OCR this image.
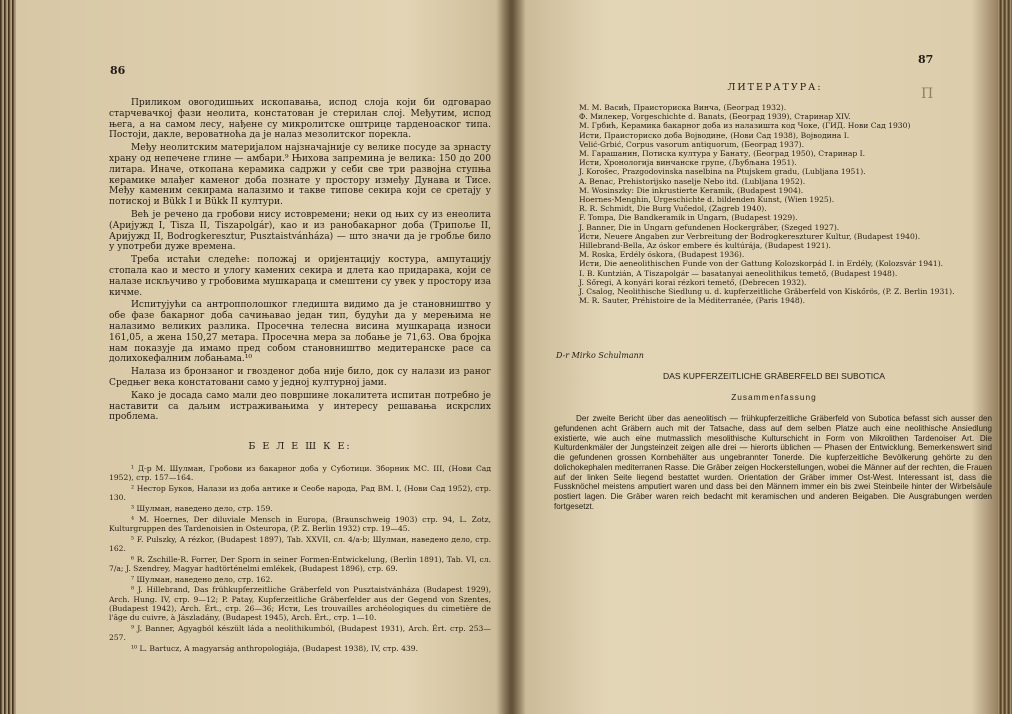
86

Приликом овогодишњих ископавања, испод слоја који би одговарао старчевачкој фази неолита, констатован је стерилан слој. Међутим, испод њега, а на самом лесу, нађене су микролитске оштрице тарденоаског типа. Постоји, дакле, вероватноћа да је налаз мезолитског порекла.

Међу неолитским материјалом најзначајније су велике посуде за зрнасту храну од непечене глине — амбари.⁹ Њихова запремина је велика: 150 до 200 литара. Иначе, откопана керамика садржи у себи све три развојна ступња керамике млађег каменог доба познате у простору између Дунава и Тисе. Међу каменим секирама налазимо и такве типове секира који се сретају у потиској и Bükk I и Bükk II култури.

Већ је речено да гробови нису истовремени; неки од њих су из енеолита (Аријужд I, Tisza II, Tiszapolgár), као и из ранобакарног доба (Трипоље II, Аријужд II, Bodrogkeresztur, Pusztaistvánháza) — што значи да је гробље било у употреби дуже времена.

Треба истаћи следеће: положај и оријентацију костура, ампутацију стопала као и место и улогу камених секира и длета као придарака, који се налазе искључиво у гробовима мушкараца и смештени су увек у простору изa кичме.

Испитујући са антропполошког гледишта видимо да је становништво у обе фазе бакарног доба сачињавао један тип, будући да у мерењима не налазимо великих разлика. Просечна телесна висина мушкараца износи 161,05, а жена 150,27 метара. Просечна мера за лобање је 71,63. Ова бројка нам показује да имамо пред собом становништво медитеранске расе са долихокефалним лобањама.¹⁰

Налаза из бронзаног и гвозденог доба није било, док су налази из раног Средњег века констатовани само у једној културној јами.

Како је досада само мали део површине локалитета испитан потребно је наставити са даљим истраживањима у интересу решавања искрслих проблема.

Б Е Л Е Ш К Е:

¹ Д-р М. Шулман, Гробови из бакарног доба у Суботици. Зборник МС. III, (Нови Сад 1952), стр. 157—164.

² Нестор Буков, Налази из доба антике и Сеобе народа, Рад ВМ. I, (Нови Сад 1952), стр. 130.

³ Шулман, наведено дело, стр. 159.

⁴ M. Hoernes, Der diluviale Mensch in Europa, (Braunschweig 1903) стр. 94, L. Zotz, Kulturgruppen des Tardenoisien in Osteuropa, (P. Z. Berlin 1932) стр. 19—45.

⁵ F. Pulszky, A rézkor, (Budapest 1897), Tab. XXVII, сл. 4/a-b; Шулман, наведено дело, стр. 162.

⁶ R. Zschille-R. Forrer, Der Sporn in seiner Formen-Entwickelung, (Berlin 1891), Tab. VI, сл. 7/a; J. Szendrey, Magyar hadtörténelmi emlékek, (Budapest 1896), стр. 69.

⁷ Шулман, наведено дело, стр. 162.

⁸ J. Hillebrand, Das frühkupferzeitliche Gräberfeld von Pusztaistvánháza (Budapest 1929), Arch. Hung. IV, стр. 9—12; P. Patay, Kupferzeitliche Gräberfelder aus der Gegend von Szentes, (Budapest 1942), Arch. Ért., стр. 26—36; Исти, Les trouvailles archéologiques du cimetière de l'âge du cuivre, à Jászladány, (Budapest 1945), Arch. Ért., стр. 1—10.

⁹ J. Banner, Agyagból készült láda a neolithikumból, (Budapest 1931), Arch. Ért. стр. 253—257.

¹⁰ L. Bartucz, A magyarság anthropologiája, (Budapest 1938), IV, стр. 439.

87
П
ЛИТЕРАТУРА:

М. М. Васић, Праисториска Винча, (Београд 1932).

Ф. Милекер, Vorgeschichte d. Banats, (Београд 1939), Старинар XIV.

М. Грбић, Керамика бакарног доба из налазишта код Чоке, (ГИД. Нови Сад 1930)

Исти, Праисториско доба Војводине, (Нови Сад 1938), Војводина I.

Velić-Grbić, Corpus vasorum antiquorum, (Београд 1937).

М. Гарашанин, Потиска култура у Банату, (Београд 1950), Старинар I.

Исти, Хронологија винчанске групе, (Љубљана 1951).

J. Korošec, Prazgodovinska naselbina na Ptujskem gradu, (Lubljana 1951).

A. Benac, Prehistorijsko naselje Nebo itd. (Lubljana 1952).

M. Wosinszky: Die inkrustierte Keramik, (Budapest 1904).

Hoernes-Menghin, Urgeschichte d. bildenden Kunst, (Wien 1925).

R. R. Schmidt, Die Burg Vučedol, (Zagreb 1940).

F. Tompa, Die Bandkeramik in Ungarn, (Budapest 1929).

J. Banner, Die in Ungarn gefundenen Hockergräber, (Szeged 1927).

Исти, Neuere Angaben zur Verbreitung der Bodrogkereszturer Kultur, (Budapest 1940).

Hillebrand-Bella, Az óskor embere és kultúrája, (Budapest 1921).

M. Roska, Erdély óskora, (Budapest 1936).

Исти, Die aeneolithischen Funde von der Gattung Kolozskorpád I. in Erdély, (Kolozsvár 1941).

I. B. Kuntzián, A Tiszapolgár — basatanyai aeneolithikus temető, (Budapest 1948).

J. Sőregi, A konyári korai rézkori temető, (Debrecen 1932).

J. Csalog, Neolithische Siedlung u. d. kupferzeitliche Gräberfeld von Kiskőrös, (P. Z. Berlin 1931).

M. R. Sauter, Préhistoire de la Méditerranée, (Paris 1948).

D-r Mirko Schulmann
DAS KUPFERZEITLICHE GRÄBERFELD BEI SUBOTICA
Zusammenfassung

Der zweite Bericht über das aeneolitisch — frühkupferzeitliche Gräberfeld von Subotica befasst sich ausser den gefundenen acht Gräbern auch mit der Tatsache, dass auf dem selben Platze auch eine neolithische Ansiedlung existierte, wie auch eine mutmasslich mesolithische Kulturschicht in Form von Mikrolithen Tardenoiser Art. Die Kulturdenkmäler der Jungsteinzeit zeigen alle drei — hierorts üblichen — Phasen der Entwicklung. Bemerkenswert sind die gefundenen grossen Kornbehälter aus ungebrannter Tonerde. Die kupferzeitliche Bevölkerung gehörte zu den dolichokephalen mediterranen Rasse. Die Gräber zeigen Hockerstellungen, wobei die Männer auf der rechten, die Frauen auf der linken Seite liegend bestattet wurden. Orientation der Gräber immer Ost-West. Interessant ist, dass die Fussknöchel meistens amputiert waren und dass bei den Männern immer ein bis zwei Steinbeile hinter der Wirbelsäule postiert lagen. Die Gräber waren reich bedacht mit keramischen und anderen Beigaben. Die Ausgrabungen werden fortgesetzt.
